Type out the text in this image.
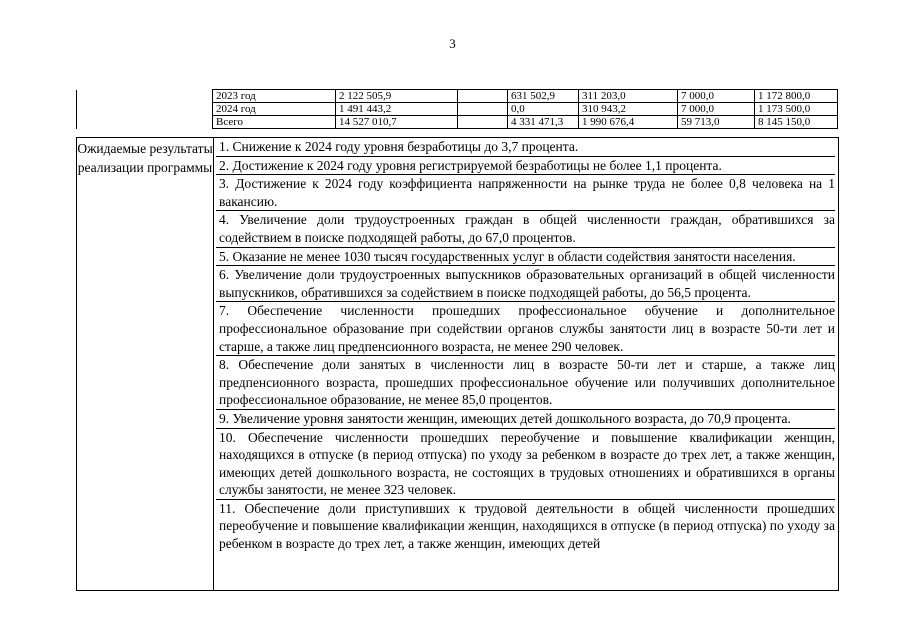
3
	2023 год	2 122 505,9		631 502,9	311 203,0	7 000,0	1 172 800,0
	2024 год	1 491 443,2		0,0	310 943,2	7 000,0	1 173 500,0
	Всего	14 527 010,7		4 331 471,3	1 990 676,4	59 713,0	8 145 150,0
Ожидаемые результаты реализации программы

1. Снижение к 2024 году уровня безработицы до 3,7 процента.

2. Достижение к 2024 году уровня регистрируемой безработицы не более 1,1 процента.

3. Достижение к 2024 году коэффициента напряженности на рынке труда не более 0,8 человека на 1 вакансию.

4. Увеличение доли трудоустроенных граждан в общей численности граждан, обратившихся за содействием в поиске подходящей работы, до 67,0 процентов.

5. Оказание не менее 1030 тысяч государственных услуг в области содействия занятости населения.

6. Увеличение доли трудоустроенных выпускников образовательных организаций в общей численности выпускников, обратившихся за содействием в поиске подходящей работы, до 56,5 процента.

7. Обеспечение численности прошедших профессиональное обучение и дополнительное профессиональное образование при содействии органов службы занятости лиц в возрасте 50-ти лет и старше, а также лиц предпенсионного возраста, не менее 290 человек.

8. Обеспечение доли занятых в численности лиц в возрасте 50-ти лет и старше, а также лиц предпенсионного возраста, прошедших профессиональное обучение или получивших дополнительное профессиональное образование, не менее 85,0 процентов.

9. Увеличение уровня занятости женщин, имеющих детей дошкольного возраста, до 70,9 процента.

10. Обеспечение численности прошедших переобучение и повышение квалификации женщин, находящихся в отпуске (в период отпуска) по уходу за ребенком в возрасте до трех лет, а также женщин, имеющих детей дошкольного возраста, не состоящих в трудовых отношениях и обратившихся в органы службы занятости, не менее 323 человек.

11. Обеспечение доли приступивших к трудовой деятельности в общей численности прошедших переобучение и повышение квалификации женщин, находящихся в отпуске (в период отпуска) по уходу за ребенком в возрасте до трех лет, а также женщин, имеющих детей
